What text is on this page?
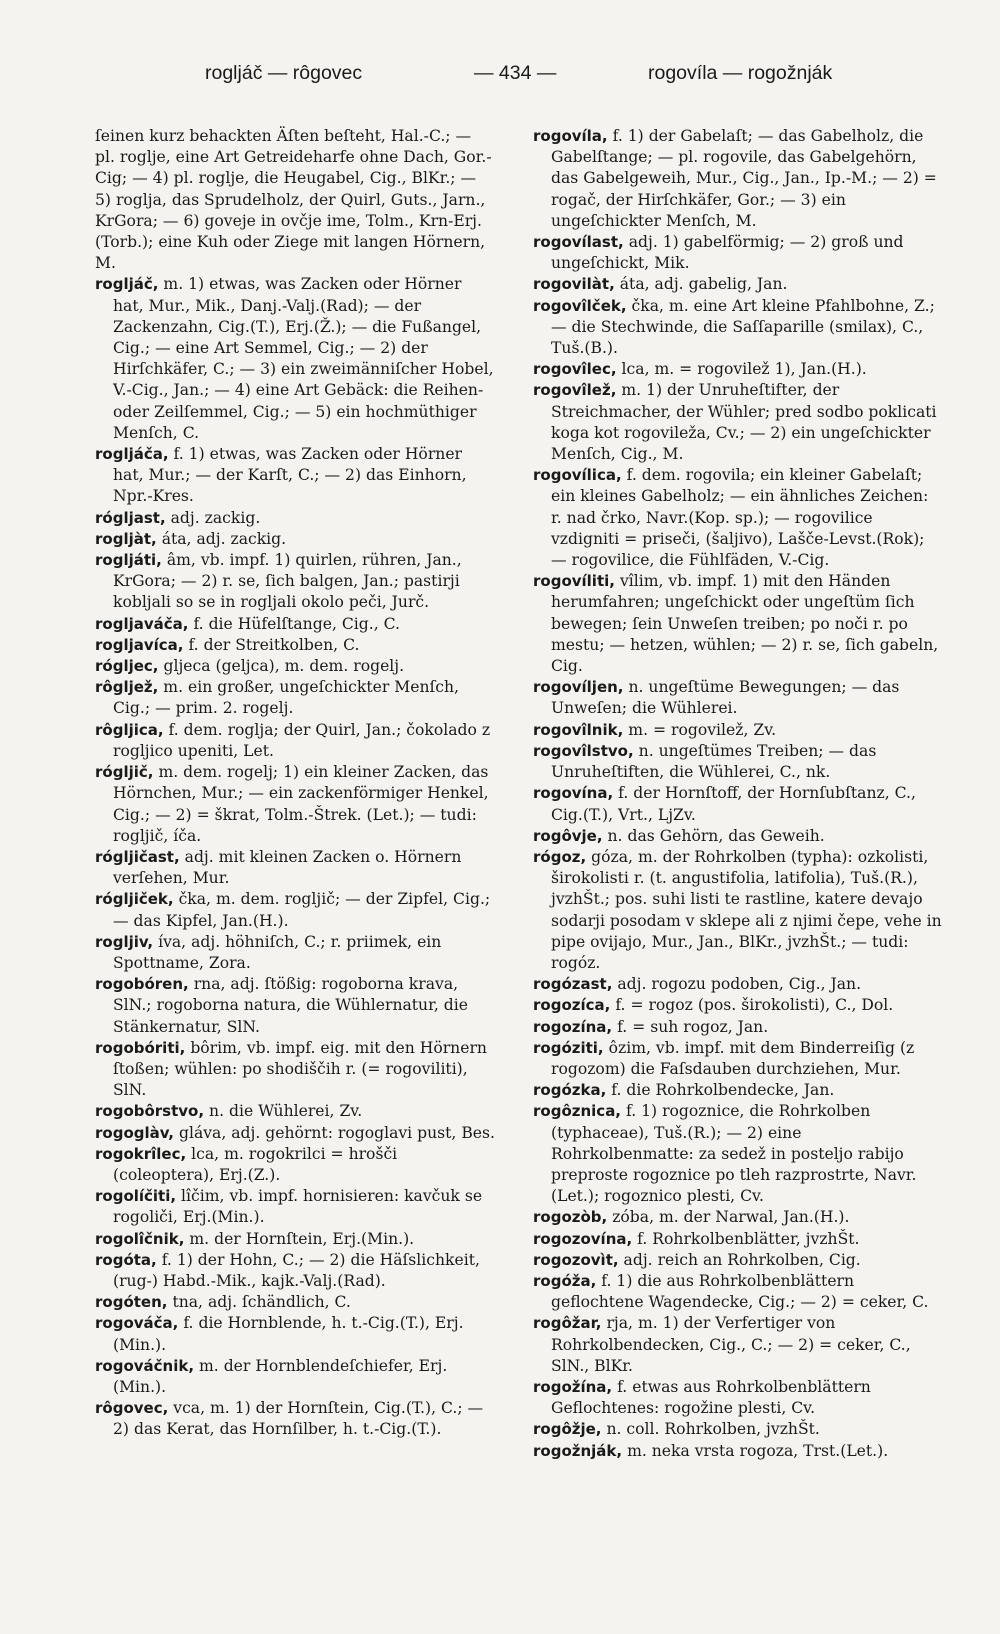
rogljáč — rôgovec	— 434 —	rogovíla — rogožnják

ſeinen kurz behackten Äſten beſteht, Hal.-C.; — pl. roglje, eine Art Getreideharfe ohne Dach, Gor.-Cig; — 4) pl. roglje, die Heugabel, Cig., BlKr.; — 5) roglja, das Sprudelholz, der Quirl, Guts., Jarn., KrGora; — 6) goveje in ovčje ime, Tolm., Krn-Erj. (Torb.); eine Kuh oder Ziege mit langen Hörnern, M.

rogljáč, m. 1) etwas, was Zacken oder Hörner hat, Mur., Mik., Danj.-Valj.(Rad); — der Zackenzahn, Cig.(T.), Erj.(Ž.); — die Fußangel, Cig.; — eine Art Semmel, Cig.; — 2) der Hirſchkäfer, C.; — 3) ein zweimänniſcher Hobel, V.-Cig., Jan.; — 4) eine Art Gebäck: die Reihen- oder Zeilſemmel, Cig.; — 5) ein hochmüthiger Menſch, C.

rogljáča, f. 1) etwas, was Zacken oder Hörner hat, Mur.; — der Karſt, C.; — 2) das Einhorn, Npr.-Kres.

rógljast, adj. zackig.

rogljàt, áta, adj. zackig.

rogljáti, âm, vb. impf. 1) quirlen, rühren, Jan., KrGora; — 2) r. se, ſich balgen, Jan.; pastirji kobljali so se in rogljali okolo peči, Jurč.

rogljaváča, f. die Hüfelſtange, Cig., C.

rogljavíca, f. der Streitkolben, C.

rógljec, gljeca (geljca), m. dem. rogelj.

rôgljež, m. ein großer, ungeſchickter Menſch, Cig.; — prim. 2. rogelj.

rôgljica, f. dem. roglja; der Quirl, Jan.; čokolado z rogljico upeniti, Let.

rógljič, m. dem. rogelj; 1) ein kleiner Zacken, das Hörnchen, Mur.; — ein zackenförmiger Henkel, Cig.; — 2) = škrat, Tolm.-Štrek. (Let.); — tudi: rogljič, íča.

rógljičast, adj. mit kleinen Zacken o. Hörnern verſehen, Mur.

rógljiček, čka, m. dem. rogljič; — der Zipfel, Cig.; — das Kipfel, Jan.(H.).

rogljiv, íva, adj. höhniſch, C.; r. priimek, ein Spottname, Zora.

rogobóren, rna, adj. ſtößig: rogoborna krava, SlN.; rogoborna natura, die Wühlernatur, die Stänkernatur, SlN.

rogobóriti, bôrim, vb. impf. eig. mit den Hörnern ſtoßen; wühlen: po shodiščih r. (= rogoviliti), SlN.

rogobôrstvo, n. die Wühlerei, Zv.

rogoglàv, gláva, adj. gehörnt: rogoglavi pust, Bes.

rogokrîlec, lca, m. rogokrilci = hrošči (coleoptera), Erj.(Z.).

rogolíčiti, lîčim, vb. impf. hornisieren: kavčuk se rogoliči, Erj.(Min.).

rogolîčnik, m. der Hornſtein, Erj.(Min.).

rogóta, f. 1) der Hohn, C.; — 2) die Häſslichkeit, (rug-) Habd.-Mik., kajk.-Valj.(Rad).

rogóten, tna, adj. ſchändlich, C.

rogováča, f. die Hornblende, h. t.-Cig.(T.), Erj.(Min.).

rogováčnik, m. der Hornblendeſchiefer, Erj. (Min.).

rôgovec, vca, m. 1) der Hornſtein, Cig.(T.), C.; — 2) das Kerat, das Hornſilber, h. t.-Cig.(T.).

rogovíla, f. 1) der Gabelaſt; — das Gabelholz, die Gabelſtange; — pl. rogovile, das Gabelgehörn, das Gabelgeweih, Mur., Cig., Jan., Ip.-M.; — 2) = rogač, der Hirſchkäfer, Gor.; — 3) ein ungeſchickter Menſch, M.

rogovílast, adj. 1) gabelförmig; — 2) groß und ungeſchickt, Mik.

rogovilàt, áta, adj. gabelig, Jan.

rogovîlček, čka, m. eine Art kleine Pfahlbohne, Z.; — die Stechwinde, die Saſſaparille (smilax), C., Tuš.(B.).

rogovîlec, lca, m. = rogovilež 1), Jan.(H.).

rogovîlež, m. 1) der Unruheſtifter, der Streichmacher, der Wühler; pred sodbo poklicati koga kot rogovileža, Cv.; — 2) ein ungeſchickter Menſch, Cig., M.

rogovílica, f. dem. rogovila; ein kleiner Gabelaſt; ein kleines Gabelholz; — ein ähnliches Zeichen: r. nad črko, Navr.(Kop. sp.); — rogovilice vzdigniti = priseči, (šaljivo), Lašče-Levst.(Rok); — rogovilice, die Fühlfäden, V.-Cig.

rogovíliti, vîlim, vb. impf. 1) mit den Händen herumfahren; ungeſchickt oder ungeſtüm ſich bewegen; ſein Unweſen treiben; po noči r. po mestu; — hetzen, wühlen; — 2) r. se, ſich gabeln, Cig.

rogovíljen, n. ungeſtüme Bewegungen; — das Unweſen; die Wühlerei.

rogovîlnik, m. = rogovilež, Zv.

rogovîlstvo, n. ungeſtümes Treiben; — das Unruheſtiften, die Wühlerei, C., nk.

rogovína, f. der Hornſtoff, der Hornſubſtanz, C., Cig.(T.), Vrt., LjZv.

rogôvje, n. das Gehörn, das Geweih.

rógoz, góza, m. der Rohrkolben (typha): ozkolisti, širokolisti r. (t. angustifolia, latifolia), Tuš.(R.), jvzhŠt.; pos. suhi listi te rastline, katere devajo sodarji posodam v sklepe ali z njimi čepe, vehe in pipe ovijajo, Mur., Jan., BlKr., jvzhŠt.; — tudi: rogóz.

rogózast, adj. rogozu podoben, Cig., Jan.

rogozíca, f. = rogoz (pos. širokolisti), C., Dol.

rogozína, f. = suh rogoz, Jan.

rogóziti, ôzim, vb. impf. mit dem Binderreiſig (z rogozom) die Faſsdauben durchziehen, Mur.

rogózka, f. die Rohrkolbendecke, Jan.

rogôznica, f. 1) rogoznice, die Rohrkolben (typhaceae), Tuš.(R.); — 2) eine Rohrkolbenmatte: za sedež in posteljo rabijo preproste rogoznice po tleh razprostrte, Navr.(Let.); rogoznico plesti, Cv.

rogozòb, zóba, m. der Narwal, Jan.(H.).

rogozovína, f. Rohrkolbenblätter, jvzhŠt.

rogozovìt, adj. reich an Rohrkolben, Cig.

rogóža, f. 1) die aus Rohrkolbenblättern geflochtene Wagendecke, Cig.; — 2) = ceker, C.

rogôžar, rja, m. 1) der Verfertiger von Rohrkolbendecken, Cig., C.; — 2) = ceker, C., SlN., BlKr.

rogožína, f. etwas aus Rohrkolbenblättern Geflochtenes: rogožine plesti, Cv.

rogôžje, n. coll. Rohrkolben, jvzhŠt.

rogožnják, m. neka vrsta rogoza, Trst.(Let.).
